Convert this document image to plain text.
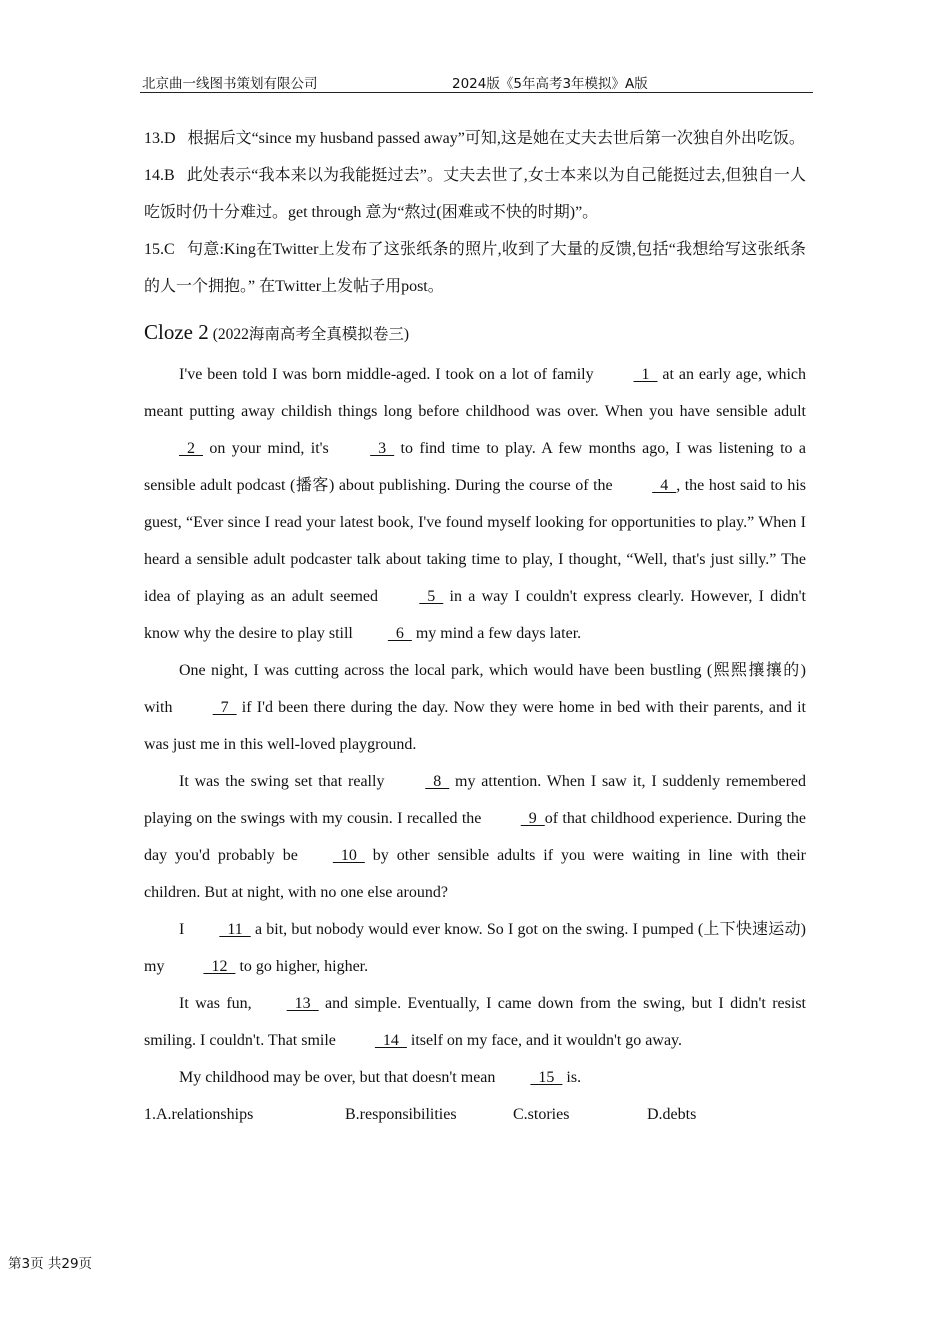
北京曲一线图书策划有限公司	2024版《5年高考3年模拟》A版

13.D 根据后文“since my husband passed away”可知,这是她在丈夫去世后第一次独自外出吃饭。

14.B 此处表示“我本来以为我能挺过去”。丈夫去世了,女士本来以为自己能挺过去,但独自一人吃饭时仍十分难过。get through 意为“熬过(困难或不快的时期)”。

15.C 句意:King在Twitter上发布了这张纸条的照片,收到了大量的反馈,包括“我想给写这张纸条的人一个拥抱。” 在Twitter上发帖子用post。

Cloze 2 (2022海南高考全真模拟卷三)

I've been told I was born middle‑aged. I took on a lot of family   1   at an early age, which meant putting away childish things long before childhood was over. When you have sensible adult   2   on your mind, it's   3   to find time to play. A few months ago, I was listening to a sensible adult podcast (播客) about publishing. During the course of the   4  , the host said to his guest, “Ever since I read your latest book, I've found myself looking for opportunities to play.” When I heard a sensible adult podcaster talk about taking time to play, I thought, “Well, that's just silly.” The idea of playing as an adult seemed   5   in a way I couldn't express clearly. However, I didn't know why the desire to play still  6   my mind a few days later.

One night, I was cutting across the local park, which would have been bustling (熙熙攘攘的) with   7   if I'd been there during the day. Now they were home in bed with their parents, and it was just me in this well‑loved playground.

It was the swing set that really   8   my attention. When I saw it, I suddenly remembered playing on the swings with my cousin. I recalled the   9  of that childhood experience. During the day you'd probably be  10   by other sensible adults if you were waiting in line with their children. But at night, with no one else around?

I  11   a bit, but nobody would ever know. So I got on the swing. I pumped (上下快速运动) my   12   to go higher, higher.

It was fun,  13   and simple. Eventually, I came down from the swing, but I didn't resist smiling. I couldn't. That smile   14   itself on my face, and it wouldn't go away.

My childhood may be over, but that doesn't mean  15   is.

1.A.relationships	B.responsibilities	C.stories	D.debts
第3页 共29页
